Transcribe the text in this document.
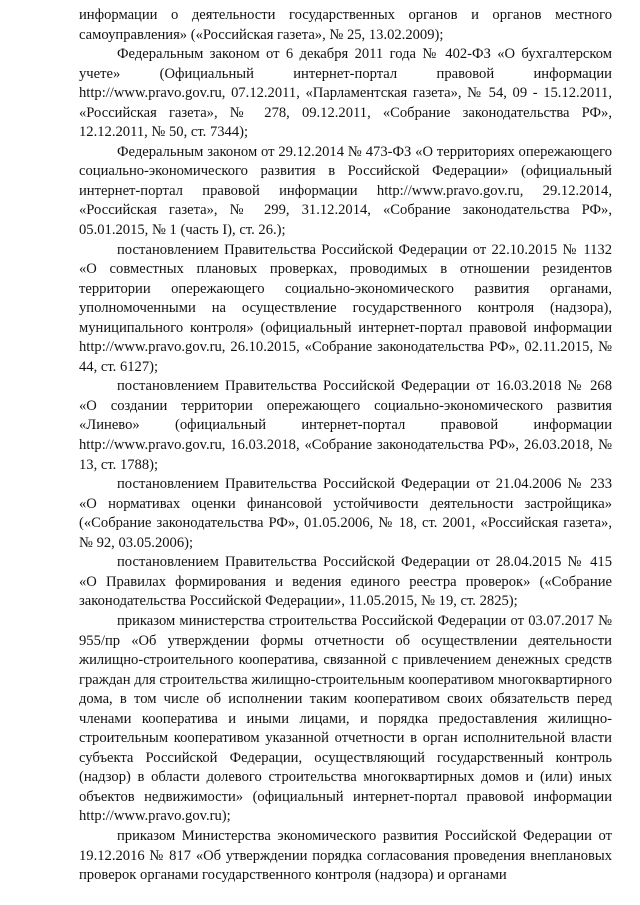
информации о деятельности государственных органов и органов местного самоуправления» («Российская газета», № 25, 13.02.2009);

Федеральным законом от 6 декабря 2011 года № 402-ФЗ «О бухгалтерском учете» (Официальный интернет-портал правовой информации http://www.pravo.gov.ru, 07.12.2011, «Парламентская газета», № 54, 09 - 15.12.2011, «Российская газета», № 278, 09.12.2011, «Собрание законодательства РФ», 12.12.2011, № 50, ст. 7344);

Федеральным законом от 29.12.2014 № 473-ФЗ «О территориях опережающего социально-экономического развития в Российской Федерации» (официальный интернет-портал правовой информации http://www.pravo.gov.ru, 29.12.2014, «Российская газета», № 299, 31.12.2014, «Собрание законодательства РФ», 05.01.2015, № 1 (часть I), ст. 26.);

постановлением Правительства Российской Федерации от 22.10.2015 № 1132 «О совместных плановых проверках, проводимых в отношении резидентов территории опережающего социально-экономического развития органами, уполномоченными на осуществление государственного контроля (надзора), муниципального контроля» (официальный интернет-портал правовой информации http://www.pravo.gov.ru, 26.10.2015, «Собрание законодательства РФ», 02.11.2015, № 44, ст. 6127);

постановлением Правительства Российской Федерации от 16.03.2018 № 268 «О создании территории опережающего социально-экономического развития «Линево» (официальный интернет-портал правовой информации http://www.pravo.gov.ru, 16.03.2018, «Собрание законодательства РФ», 26.03.2018, № 13, ст. 1788);

постановлением Правительства Российской Федерации от 21.04.2006 № 233 «О нормативах оценки финансовой устойчивости деятельности застройщика» («Собрание законодательства РФ», 01.05.2006, № 18, ст. 2001, «Российская газета», № 92, 03.05.2006);

постановлением Правительства Российской Федерации от 28.04.2015 № 415 «О Правилах формирования и ведения единого реестра проверок» («Собрание законодательства Российской Федерации», 11.05.2015, № 19, ст. 2825);

приказом министерства строительства Российской Федерации от 03.07.2017 № 955/пр «Об утверждении формы отчетности об осуществлении деятельности жилищно-строительного кооператива, связанной с привлечением денежных средств граждан для строительства жилищно-строительным кооперативом многоквартирного дома, в том числе об исполнении таким кооперативом своих обязательств перед членами кооператива и иными лицами, и порядка предоставления жилищно-строительным кооперативом указанной отчетности в орган исполнительной власти субъекта Российской Федерации, осуществляющий государственный контроль (надзор) в области долевого строительства многоквартирных домов и (или) иных объектов недвижимости» (официальный интернет-портал правовой информации http://www.pravo.gov.ru);

приказом Министерства экономического развития Российской Федерации от 19.12.2016 № 817 «Об утверждении порядка согласования проведения внеплановых проверок органами государственного контроля (надзора) и органами
